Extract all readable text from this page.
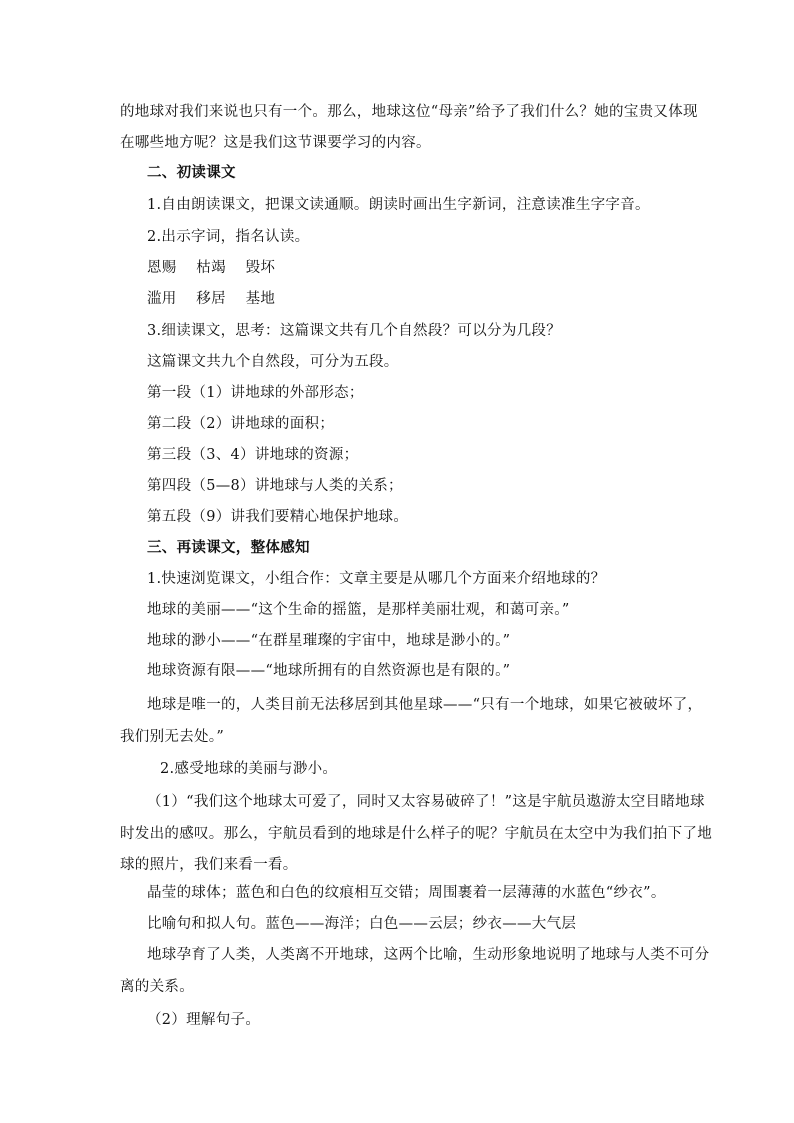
的地球对我们来说也只有一个。那么，地球这位“母亲”给予了我们什么？她的宝贵又体现
在哪些地方呢？这是我们这节课要学习的内容。
二、初读课文
1.自由朗读课文，把课文读通顺。朗读时画出生字新词，注意读准生字字音。
2.出示字词，指名认读。
恩赐　 枯竭　 毁坏
滥用　 移居　 基地
3.细读课文，思考：这篇课文共有几个自然段？可以分为几段？
这篇课文共九个自然段，可分为五段。
第一段（1）讲地球的外部形态；
第二段（2）讲地球的面积；
第三段（3、4）讲地球的资源；
第四段（5—8）讲地球与人类的关系；
第五段（9）讲我们要精心地保护地球。
三、再读课文，整体感知
1.快速浏览课文，小组合作：文章主要是从哪几个方面来介绍地球的？
地球的美丽——“这个生命的摇篮，是那样美丽壮观，和蔼可亲。”
地球的渺小——“在群星璀璨的宇宙中，地球是渺小的。”
地球资源有限——“地球所拥有的自然资源也是有限的。”
地球是唯一的，人类目前无法移居到其他星球——“只有一个地球，如果它被破坏了，
我们别无去处。”
2.感受地球的美丽与渺小。
（1）“我们这个地球太可爱了，同时又太容易破碎了！”这是宇航员遨游太空目睹地球
时发出的感叹。那么，宇航员看到的地球是什么样子的呢？宇航员在太空中为我们拍下了地
球的照片，我们来看一看。
晶莹的球体；蓝色和白色的纹痕相互交错；周围裹着一层薄薄的水蓝色“纱衣”。
比喻句和拟人句。蓝色——海洋；白色——云层；纱衣——大气层
地球孕育了人类，人类离不开地球，这两个比喻，生动形象地说明了地球与人类不可分
离的关系。
（2）理解句子。
